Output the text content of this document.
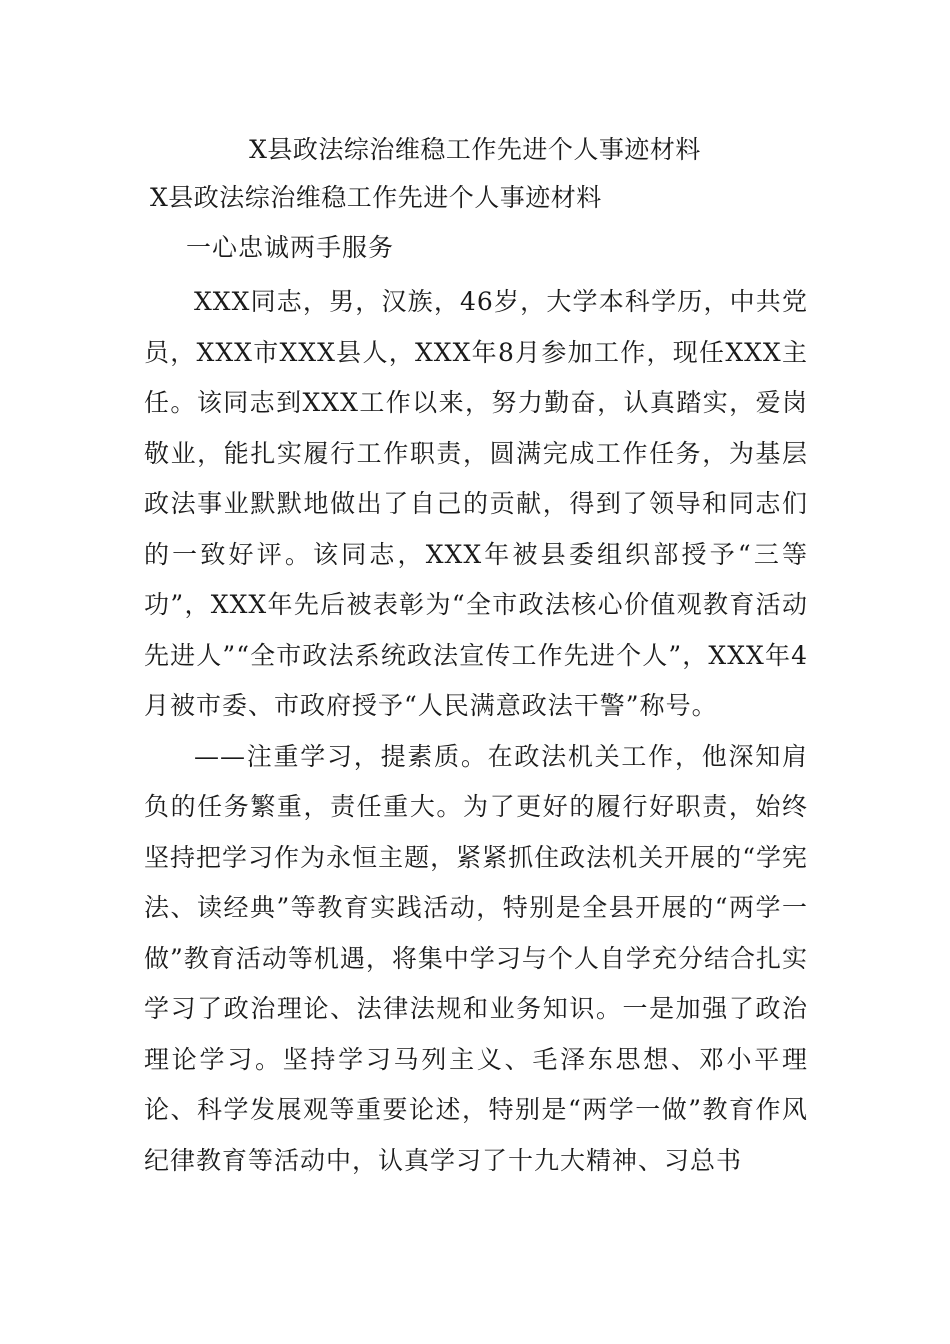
X县政法综治维稳工作先进个人事迹材料
X县政法综治维稳工作先进个人事迹材料
一心忠诚两手服务

XXX同志，男，汉族，46岁，大学本科学历，中共党员，XXX市XXX县人，XXX年8月参加工作，现任XXX主任。该同志到XXX工作以来，努力勤奋，认真踏实，爱岗敬业，能扎实履行工作职责，圆满完成工作任务，为基层政法事业默默地做出了自己的贡献，得到了领导和同志们的一致好评。该同志，XXX年被县委组织部授予“三等功”，XXX年先后被表彰为“全市政法核心价值观教育活动先进人”“全市政法系统政法宣传工作先进个人”，XXX年4月被市委、市政府授予“人民满意政法干警”称号。

——注重学习，提素质。在政法机关工作，他深知肩负的任务繁重，责任重大。为了更好的履行好职责，始终坚持把学习作为永恒主题，紧紧抓住政法机关开展的“学宪法、读经典”等教育实践活动，特别是全县开展的“两学一做”教育活动等机遇，将集中学习与个人自学充分结合扎实学习了政治理论、法律法规和业务知识。一是加强了政治理论学习。坚持学习马列主义、毛泽东思想、邓小平理论、科学发展观等重要论述，特别是“两学一做”教育作风纪律教育等活动中，认真学习了十九大精神、习总书
